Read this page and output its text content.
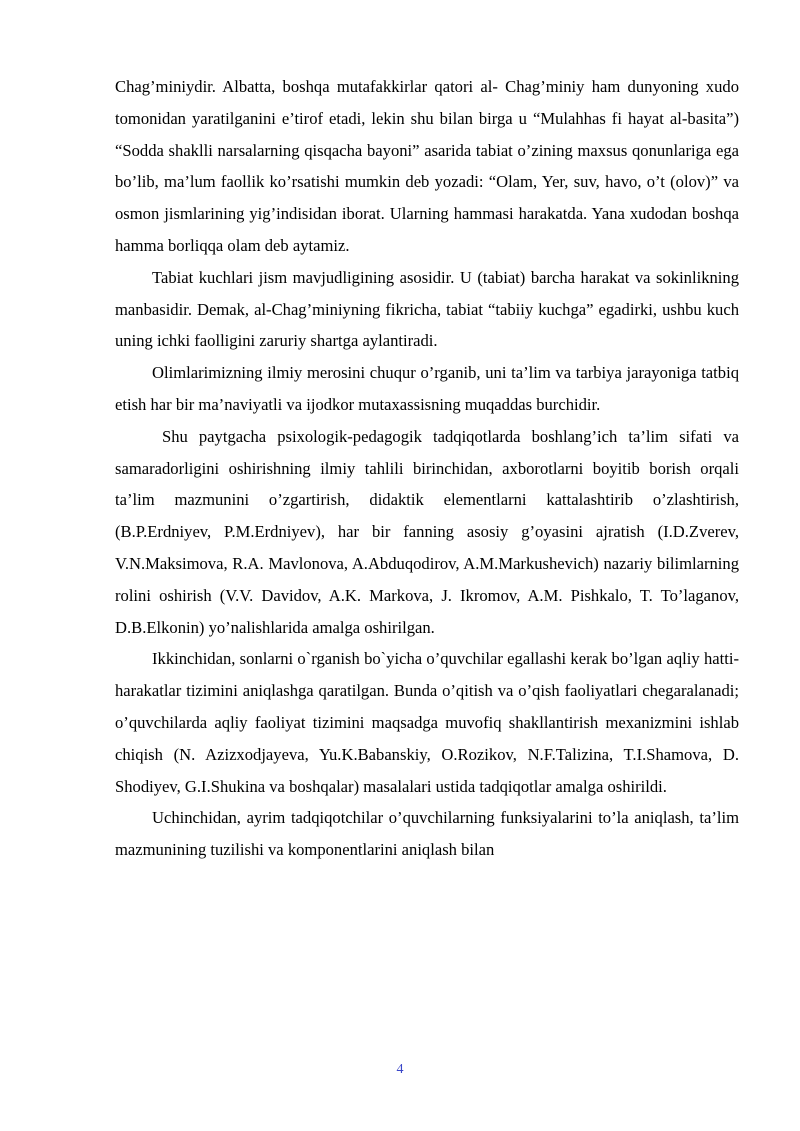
Chag’miniydir. Albatta, boshqa mutafakkirlar qatori al- Chag’miniy ham dunyoning xudo tomonidan yaratilganini e’tirof etadi, lekin shu bilan birga u “Mulahhas fi hayat al-basita”) “Sodda shaklli narsalarning qisqacha bayoni” asarida tabiat o’zining maxsus qonunlariga ega bo’lib, ma’lum faollik ko’rsatishi mumkin deb yozadi: “Olam, Yer, suv, havo, o’t (olov)” va osmon jismlarining yig’indisidan iborat. Ularning hammasi harakatda. Yana xudodan boshqa hamma borliqqa olam deb aytamiz.

Tabiat kuchlari jism mavjudligining asosidir. U (tabiat) barcha harakat va sokinlikning manbasidir. Demak, al-Chag’miniyning fikricha, tabiat “tabiiy kuchga” egadirki, ushbu kuch uning ichki faolligini zaruriy shartga aylantiradi.

Olimlarimizning ilmiy merosini chuqur o’rganib, uni ta’lim va tarbiya jarayoniga tatbiq etish har bir ma’naviyatli va ijodkor mutaxassisning muqaddas burchidir.

Shu paytgacha psixologik-pedagogik tadqiqotlarda boshlang’ich ta’lim sifati va samaradorligini oshirishning ilmiy tahlili birinchidan, axborotlarni boyitib borish orqali ta’lim mazmunini o’zgartirish, didaktik elementlarni kattalashtirib o’zlashtirish, (B.P.Erdniyev, P.M.Erdniyev), har bir fanning asosiy g’oyasini ajratish (I.D.Zverev, V.N.Maksimova, R.A. Mavlonova, A.Abduqodirov, A.M.Markushevich) nazariy bilimlarning rolini oshirish (V.V. Davidov, A.K. Markova, J. Ikromov, A.M. Pishkalo, T. To’laganov, D.B.Elkonin) yo’nalishlarida amalga oshirilgan.

Ikkinchidan, sonlarni o`rganish bo`yicha o’quvchilar egallashi kerak bo’lgan aqliy hatti-harakatlar tizimini aniqlashga qaratilgan. Bunda o’qitish va o’qish faoliyatlari chegaralanadi; o’quvchilarda aqliy faoliyat tizimini maqsadga muvofiq shakllantirish mexanizmini ishlab chiqish (N. Azizxodjayeva, Yu.K.Babanskiy, O.Rozikov, N.F.Talizina, T.I.Shamova, D. Shodiyev, G.I.Shukina va boshqalar) masalalari ustida tadqiqotlar amalga oshirildi.

Uchinchidan, ayrim tadqiqotchilar o’quvchilarning funksiyalarini to’la aniqlash, ta’lim mazmunining tuzilishi va komponentlarini aniqlash bilan

4
